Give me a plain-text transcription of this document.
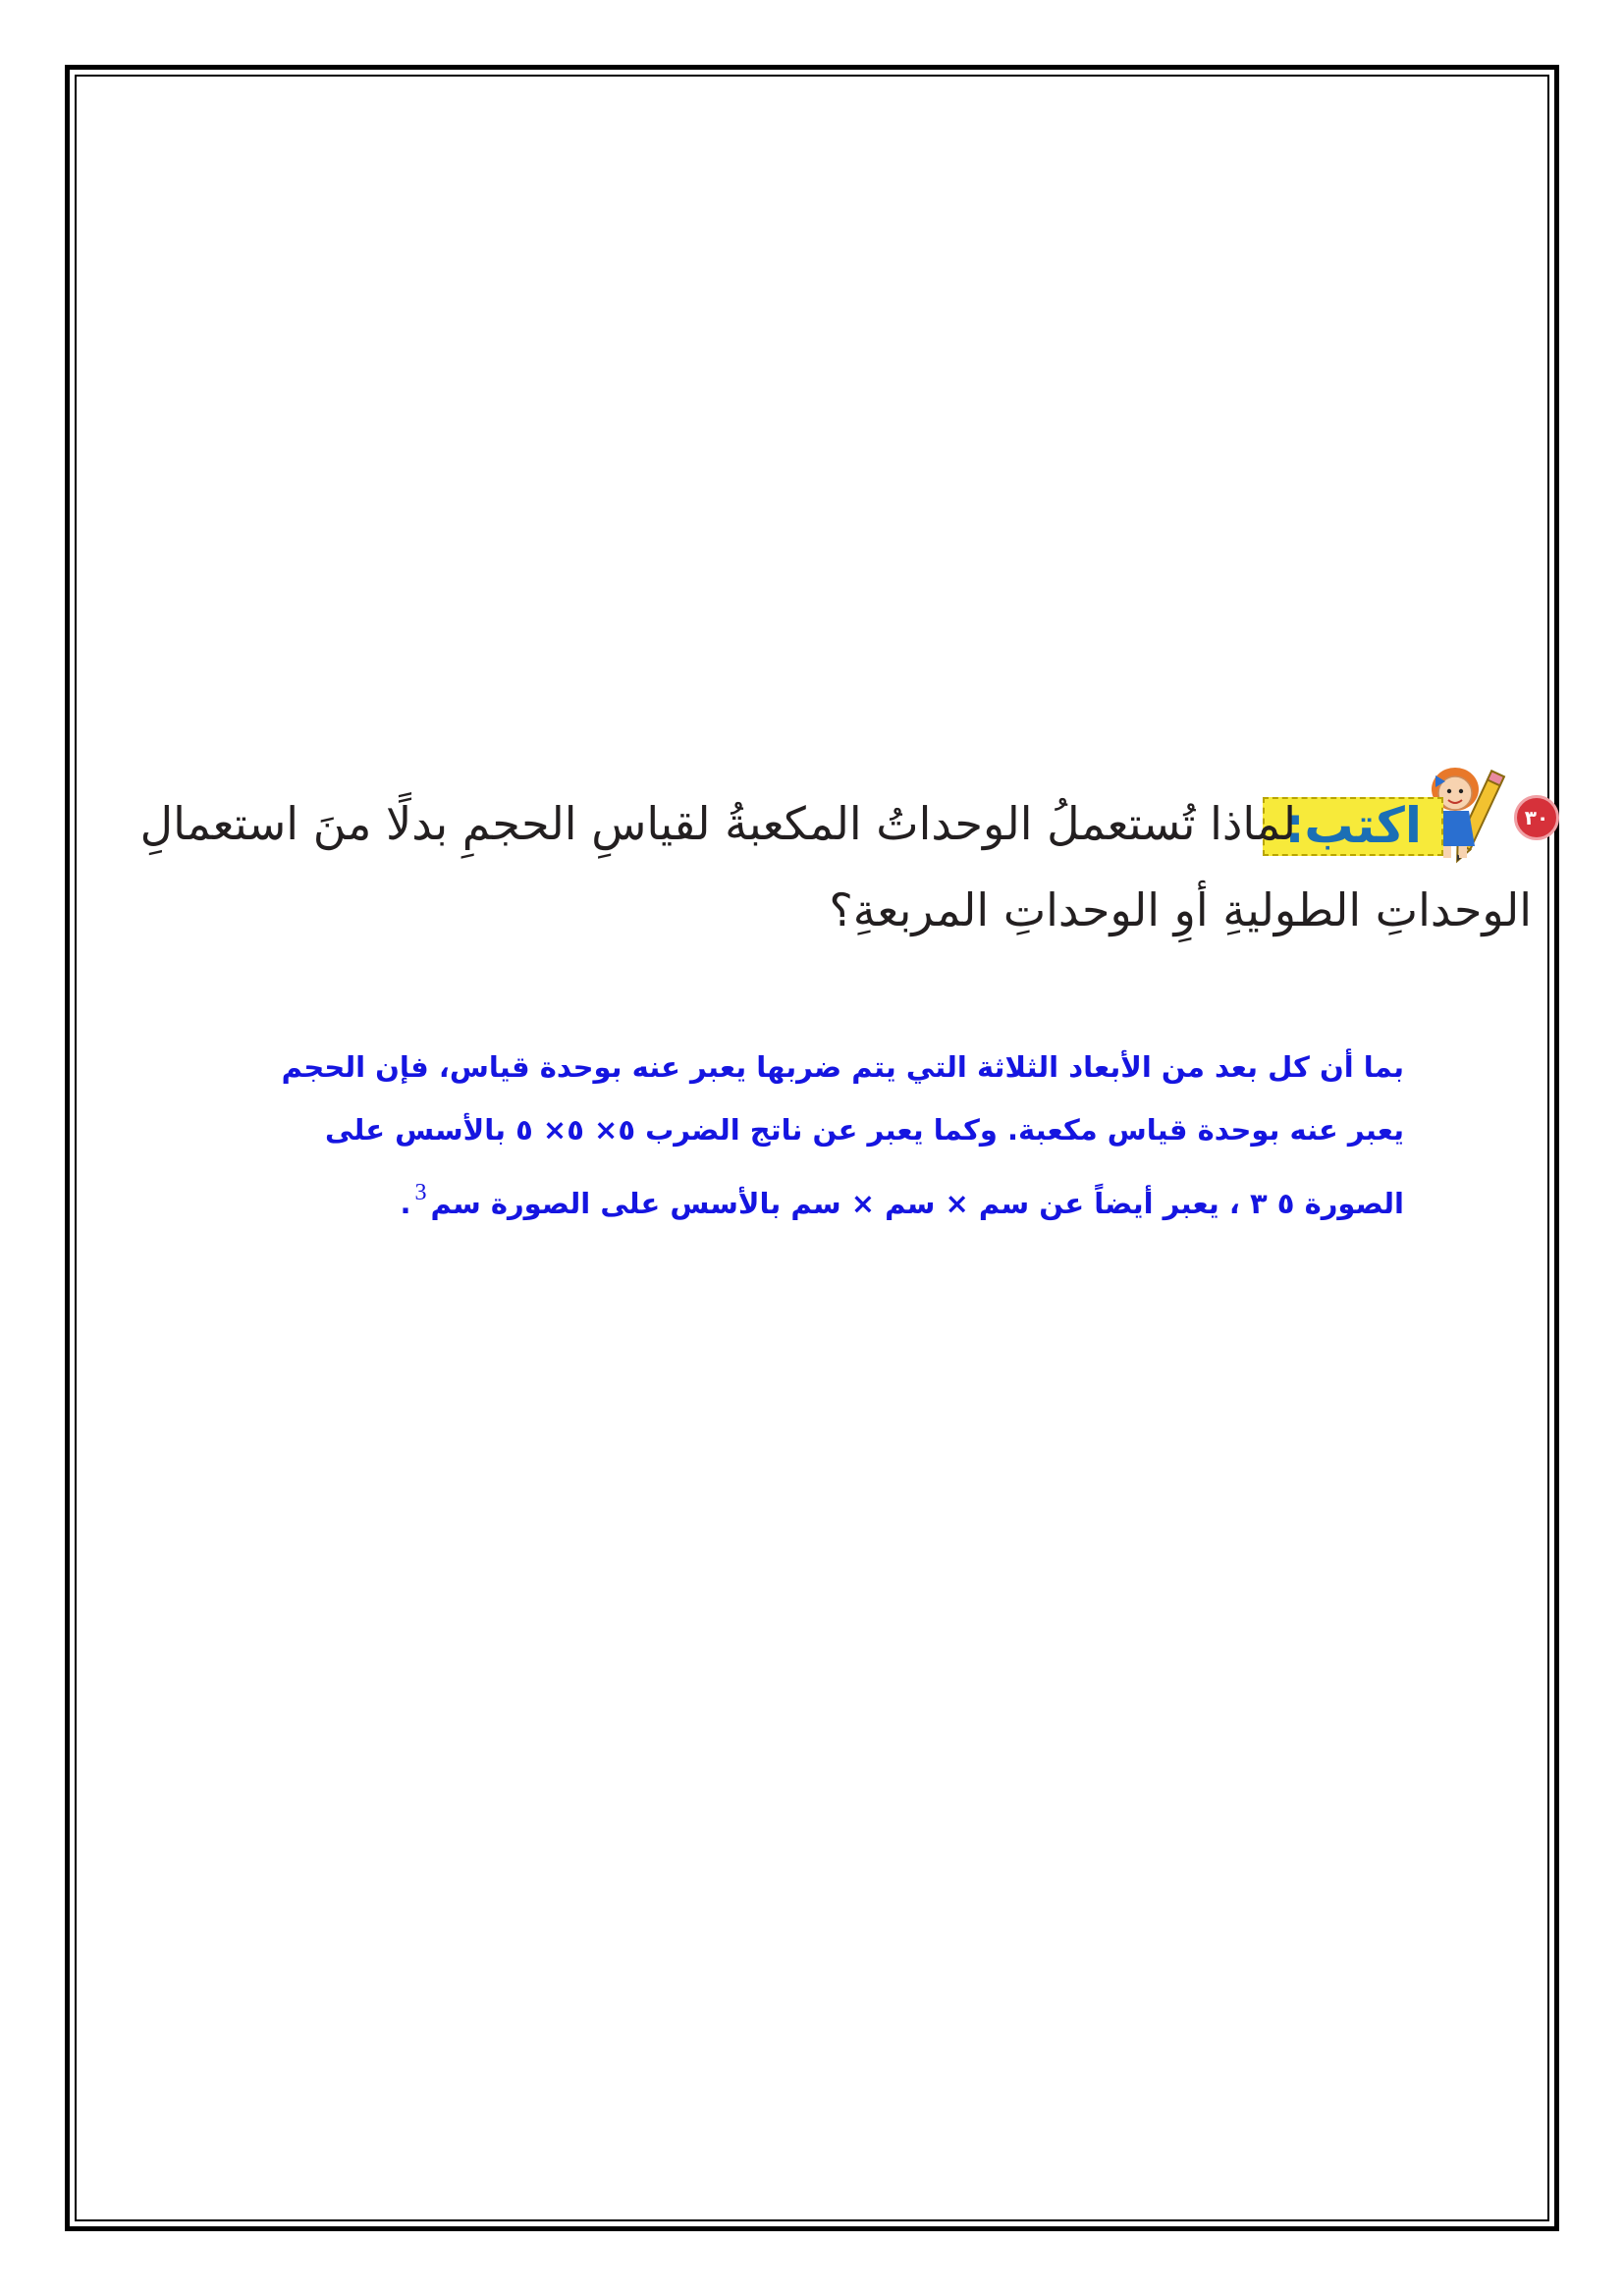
٣٠
اكتب:
لماذا تُستعملُ الوحداتُ المكعبةُ لقياسِ الحجمِ بدلًا منَ استعمالِ
الوحداتِ الطوليةِ أوِ الوحداتِ المربعةِ؟
بما أن كل بعد من الأبعاد الثلاثة التي يتم ضربها يعبر عنه بوحدة قياس، فإن الحجم
يعبر عنه بوحدة قياس مكعبة. وكما يعبر عن ناتج الضرب ٥× ٥× ٥ بالأسس على
الصورة ٥ ٣ ، يعبر أيضاً عن سم × سم × سم بالأسس على الصورة سم$^3$.
